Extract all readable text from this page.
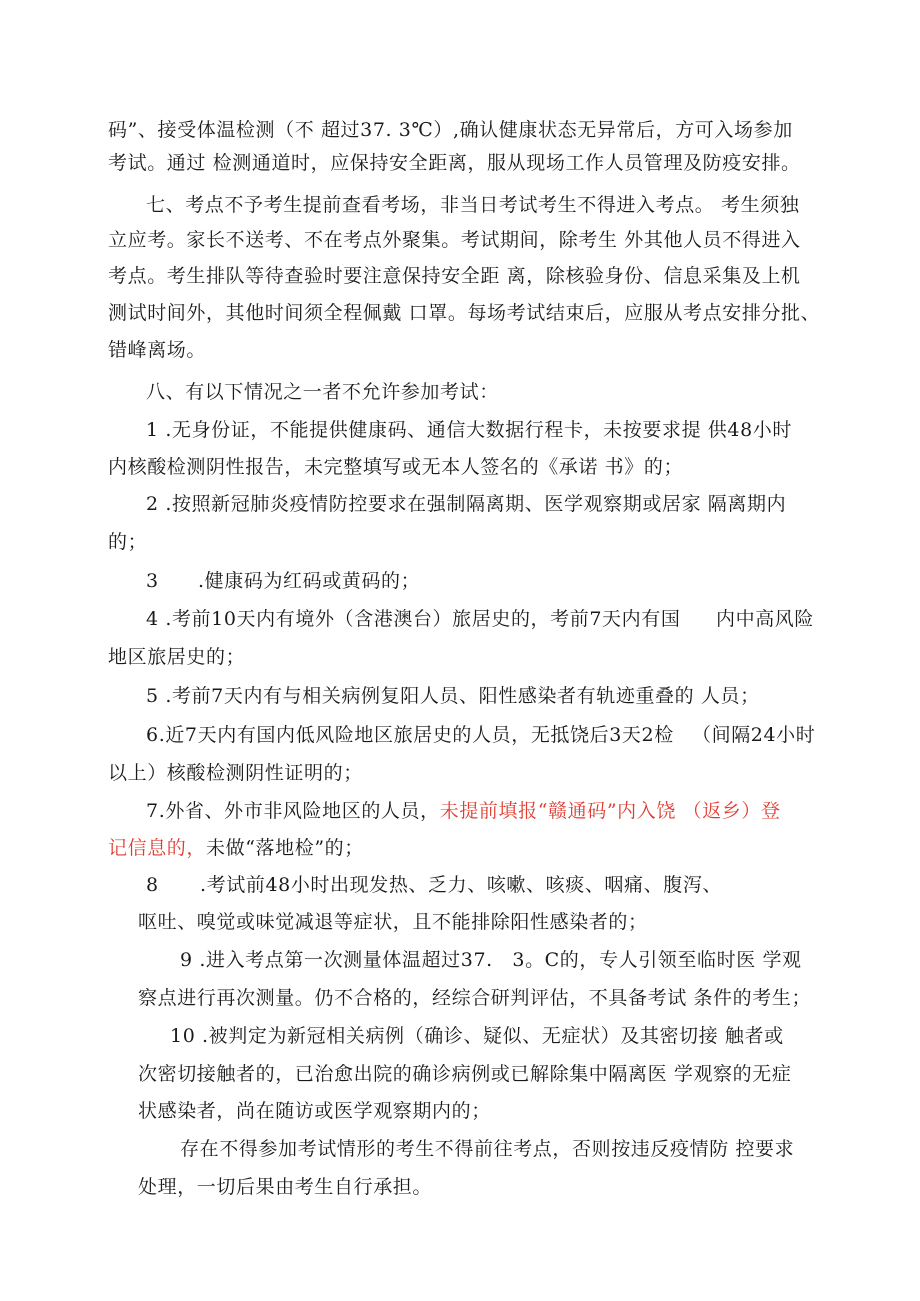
码”、接受体温检测（不 超过37. 3℃）,确认健康状态无异常后，方可入场参加
考试。通过 检测通道时，应保持安全距离，服从现场工作人员管理及防疫安排。
七、考点不予考生提前查看考场，非当日考试考生不得进入考点。 考生须独
立应考。家长不送考、不在考点外聚集。考试期间，除考生 外其他人员不得进入
考点。考生排队等待查验时要注意保持安全距 离，除核验身份、信息采集及上机
测试时间外，其他时间须全程佩戴 口罩。每场考试结束后，应服从考点安排分批、
错峰离场。
八、有以下情况之一者不允许参加考试：
1 .无身份证，不能提供健康码、通信大数据行程卡，未按要求提 供48小时
内核酸检测阴性报告，未完整填写或无本人签名的《承诺 书》的；
2 .按照新冠肺炎疫情防控要求在强制隔离期、医学观察期或居家 隔离期内
的；
3 .健康码为红码或黄码的；
4 .考前10天内有境外（含港澳台）旅居史的，考前7天内有国 内中高风险
地区旅居史的；
5 .考前7天内有与相关病例复阳人员、阳性感染者有轨迹重叠的 人员；
6.近7天内有国内低风险地区旅居史的人员，无抵饶后3天2检 （间隔24小时
以上）核酸检测阴性证明的；
7.外省、外市非风险地区的人员，未提前填报“赣通码”内入饶 （返乡）登
记信息的，未做“落地检”的；
8 .考试前48小时出现发热、乏力、咳嗽、咳痰、咽痛、腹泻、
呕吐、嗅觉或味觉减退等症状，且不能排除阳性感染者的；
9 .进入考点第一次测量体温超过37.　3。C的，专人引领至临时医 学观
察点进行再次测量。仍不合格的，经综合研判评估，不具备考试 条件的考生；
10 .被判定为新冠相关病例（确诊、疑似、无症状）及其密切接 触者或
次密切接触者的，已治愈出院的确诊病例或已解除集中隔离医 学观察的无症
状感染者，尚在随访或医学观察期内的；
存在不得参加考试情形的考生不得前往考点，否则按违反疫情防 控要求
处理，一切后果由考生自行承担。
